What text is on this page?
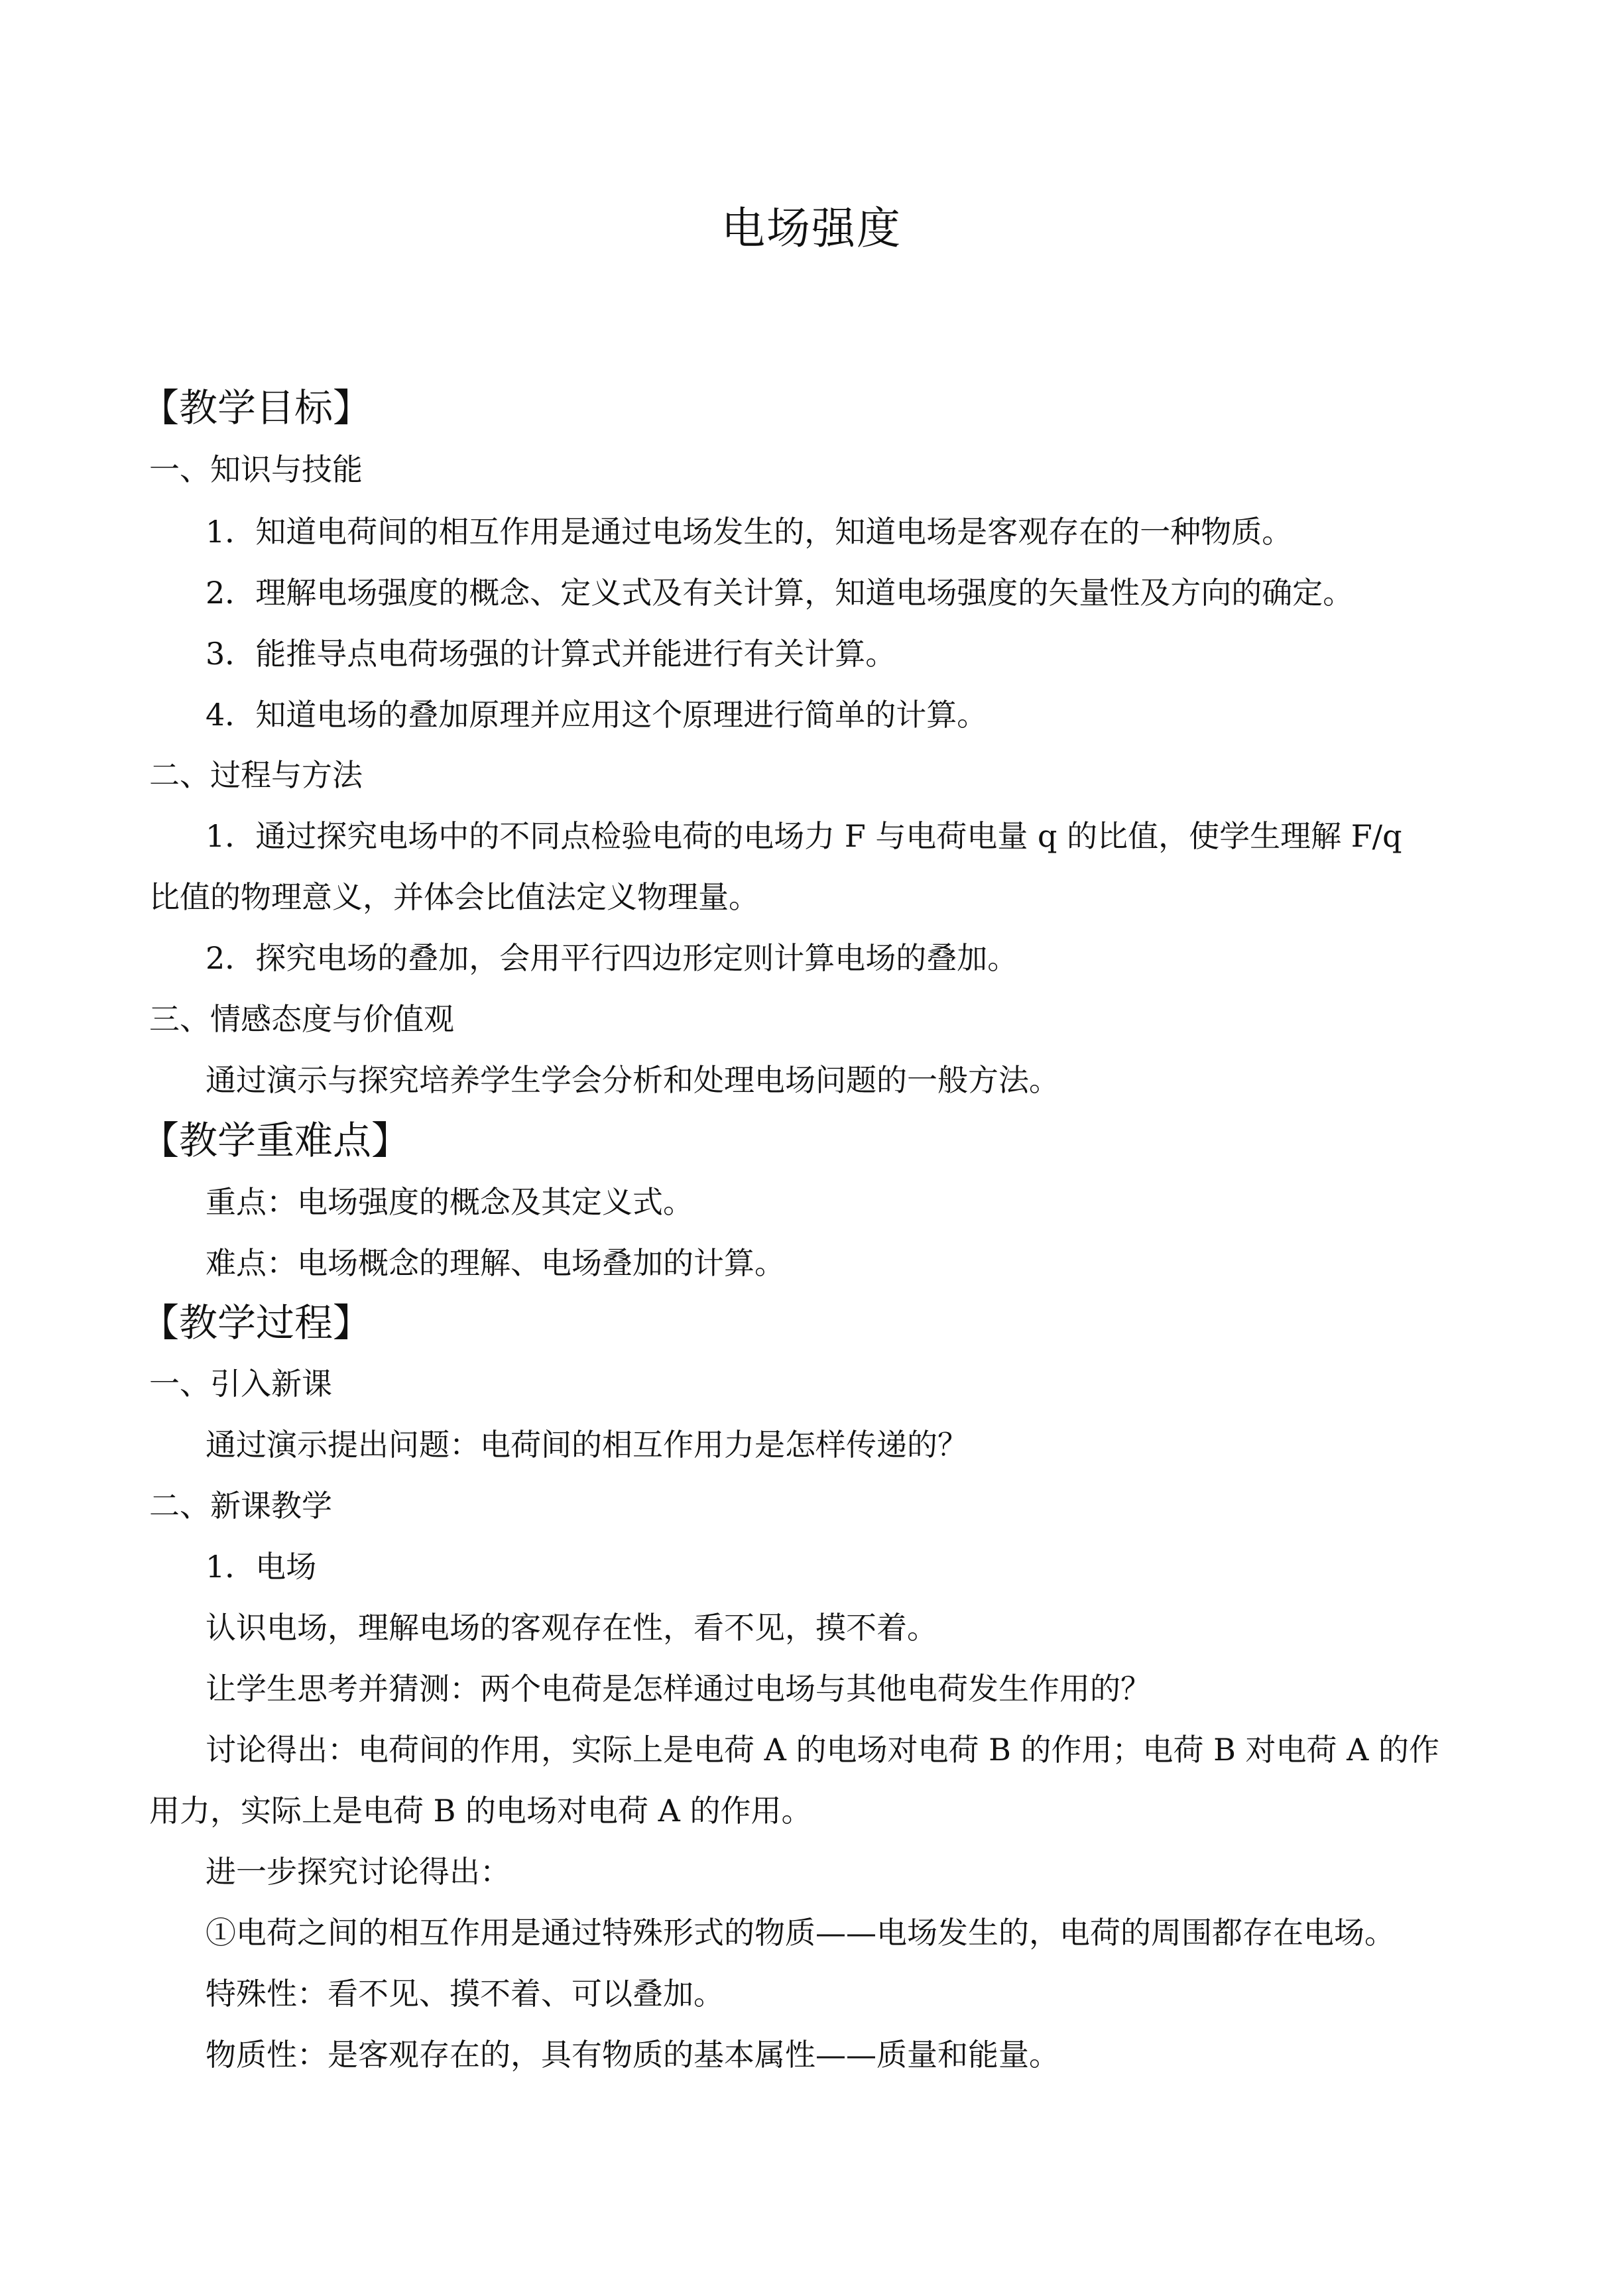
电场强度
【教学目标】
一、知识与技能
1．知道电荷间的相互作用是通过电场发生的，知道电场是客观存在的一种物质。
2．理解电场强度的概念、定义式及有关计算，知道电场强度的矢量性及方向的确定。
3．能推导点电荷场强的计算式并能进行有关计算。
4．知道电场的叠加原理并应用这个原理进行简单的计算。
二、过程与方法
1．通过探究电场中的不同点检验电荷的电场力 F 与电荷电量 q 的比值，使学生理解 F/q
比值的物理意义，并体会比值法定义物理量。
2．探究电场的叠加，会用平行四边形定则计算电场的叠加。
三、情感态度与价值观
通过演示与探究培养学生学会分析和处理电场问题的一般方法。
【教学重难点】
重点：电场强度的概念及其定义式。
难点：电场概念的理解、电场叠加的计算。
【教学过程】
一、引入新课
通过演示提出问题：电荷间的相互作用力是怎样传递的？
二、新课教学
1．电场
认识电场，理解电场的客观存在性，看不见，摸不着。
让学生思考并猜测：两个电荷是怎样通过电场与其他电荷发生作用的？
讨论得出：电荷间的作用，实际上是电荷 A 的电场对电荷 B 的作用；电荷 B 对电荷 A 的作
用力，实际上是电荷 B 的电场对电荷 A 的作用。
进一步探究讨论得出：
①电荷之间的相互作用是通过特殊形式的物质——电场发生的，电荷的周围都存在电场。
特殊性：看不见、摸不着、可以叠加。
物质性：是客观存在的，具有物质的基本属性——质量和能量。
